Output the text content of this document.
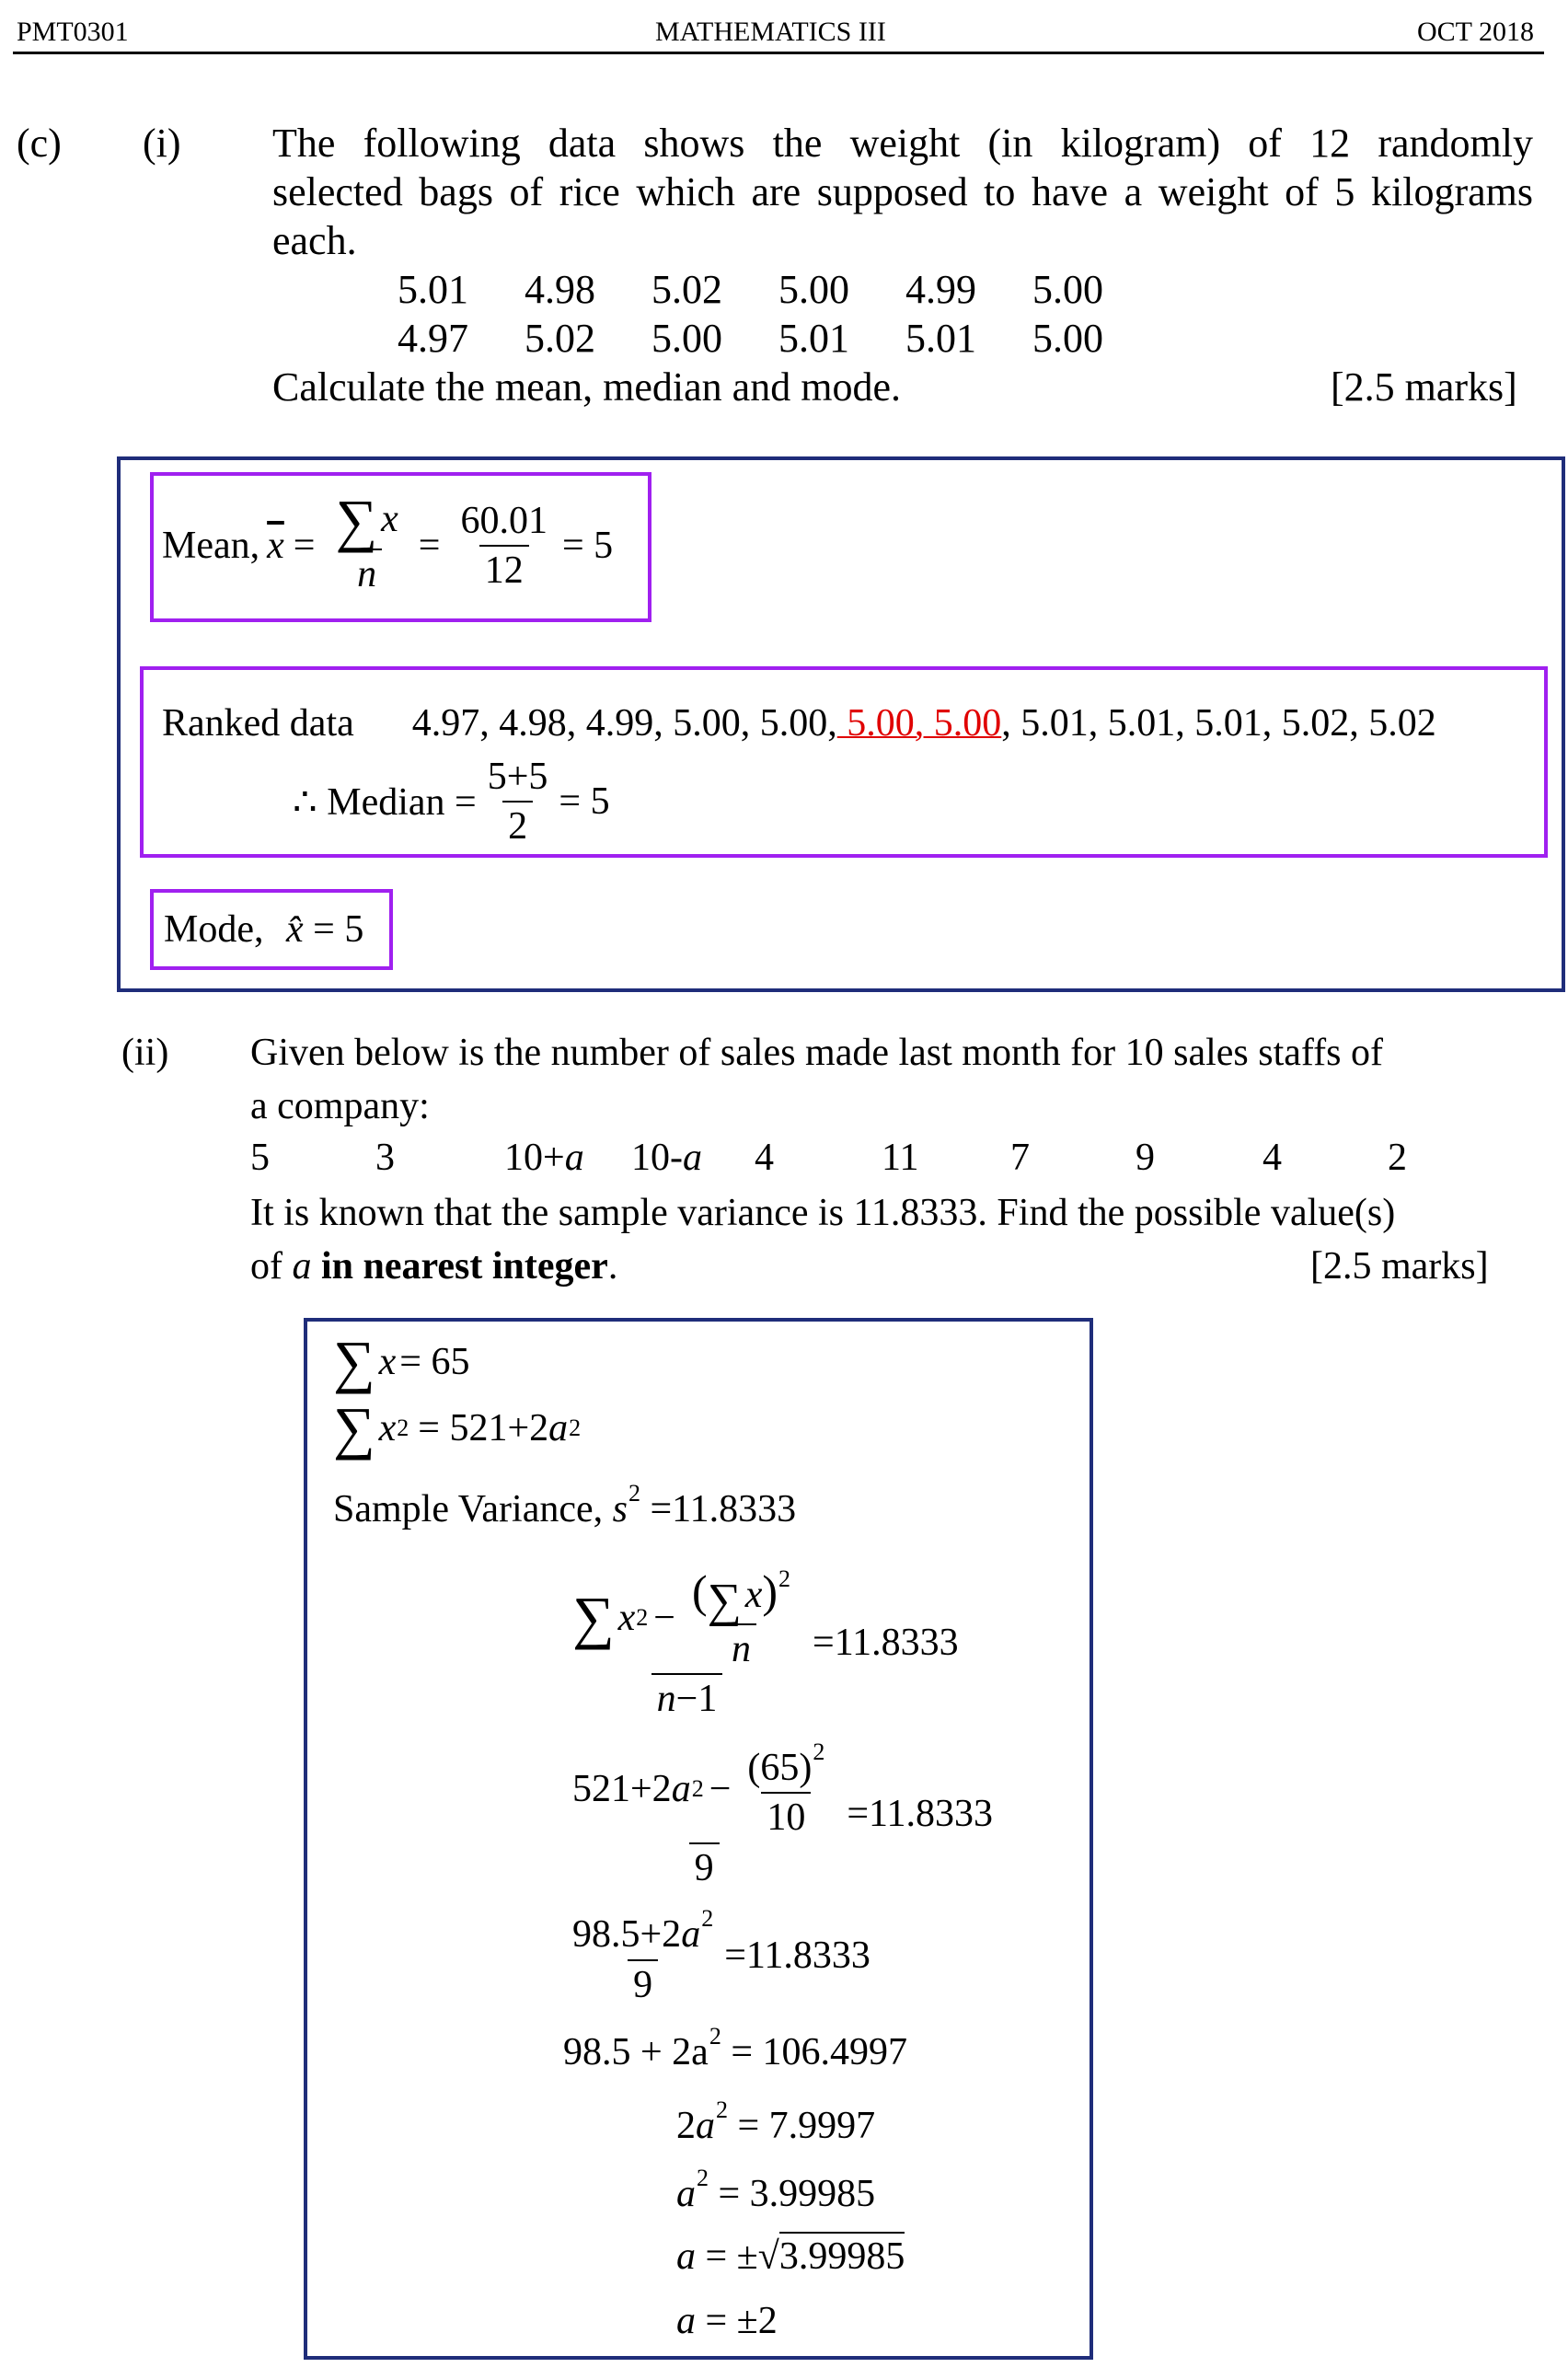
PMT0301	MATHEMATICS III	OCT 2018
(c) (i) The following data shows the weight (in kilogram) of 12 randomly
selected bags of rice which are supposed to have a weight of 5 kilograms
each.
5.01 4.98 5.02 5.00 4.99 5.00
4.97 5.02 5.00 5.01 5.01 5.00
Calculate the mean, median and mode.	[2.5 marks]
Mean, $\overline{x} = \frac{\sum x}{n} = \frac{60.01}{12} = 5$
Ranked data 4.97, 4.98, 4.99, 5.00, 5.00, 5.00, 5.00, 5.01, 5.01, 5.01, 5.02, 5.02
∴ Median = $\frac{5+5}{2} = 5$
Mode, x̂ = 5
(ii) Given below is the number of sales made last month for 10 sales staffs of
a company:
5	3	10+a 10-a 4	11 7	9	4	2
It is known that the sample variance is 11.8333. Find the possible value(s)
of a in nearest integer.	[2.5 marks]
∑ x = 65
∑ x 2 = 521+2 a 2
Sample Variance, $s^2 =11.8333$
$\frac{\sum x 2 - \frac{(\sum x)^2}{n}}{n-1} =11.8333$
$\frac{521+2 a 2 - \frac{(65)^2}{10}}{9} =11.8333$
$\frac{98.5+2a^2}{9} =11.8333$
$98.5 + 2a^2 = 106.4997$
$2a^2 = 7.9997$
$a^2 = 3.99985$
a = ±√3.99985
a = ±2
